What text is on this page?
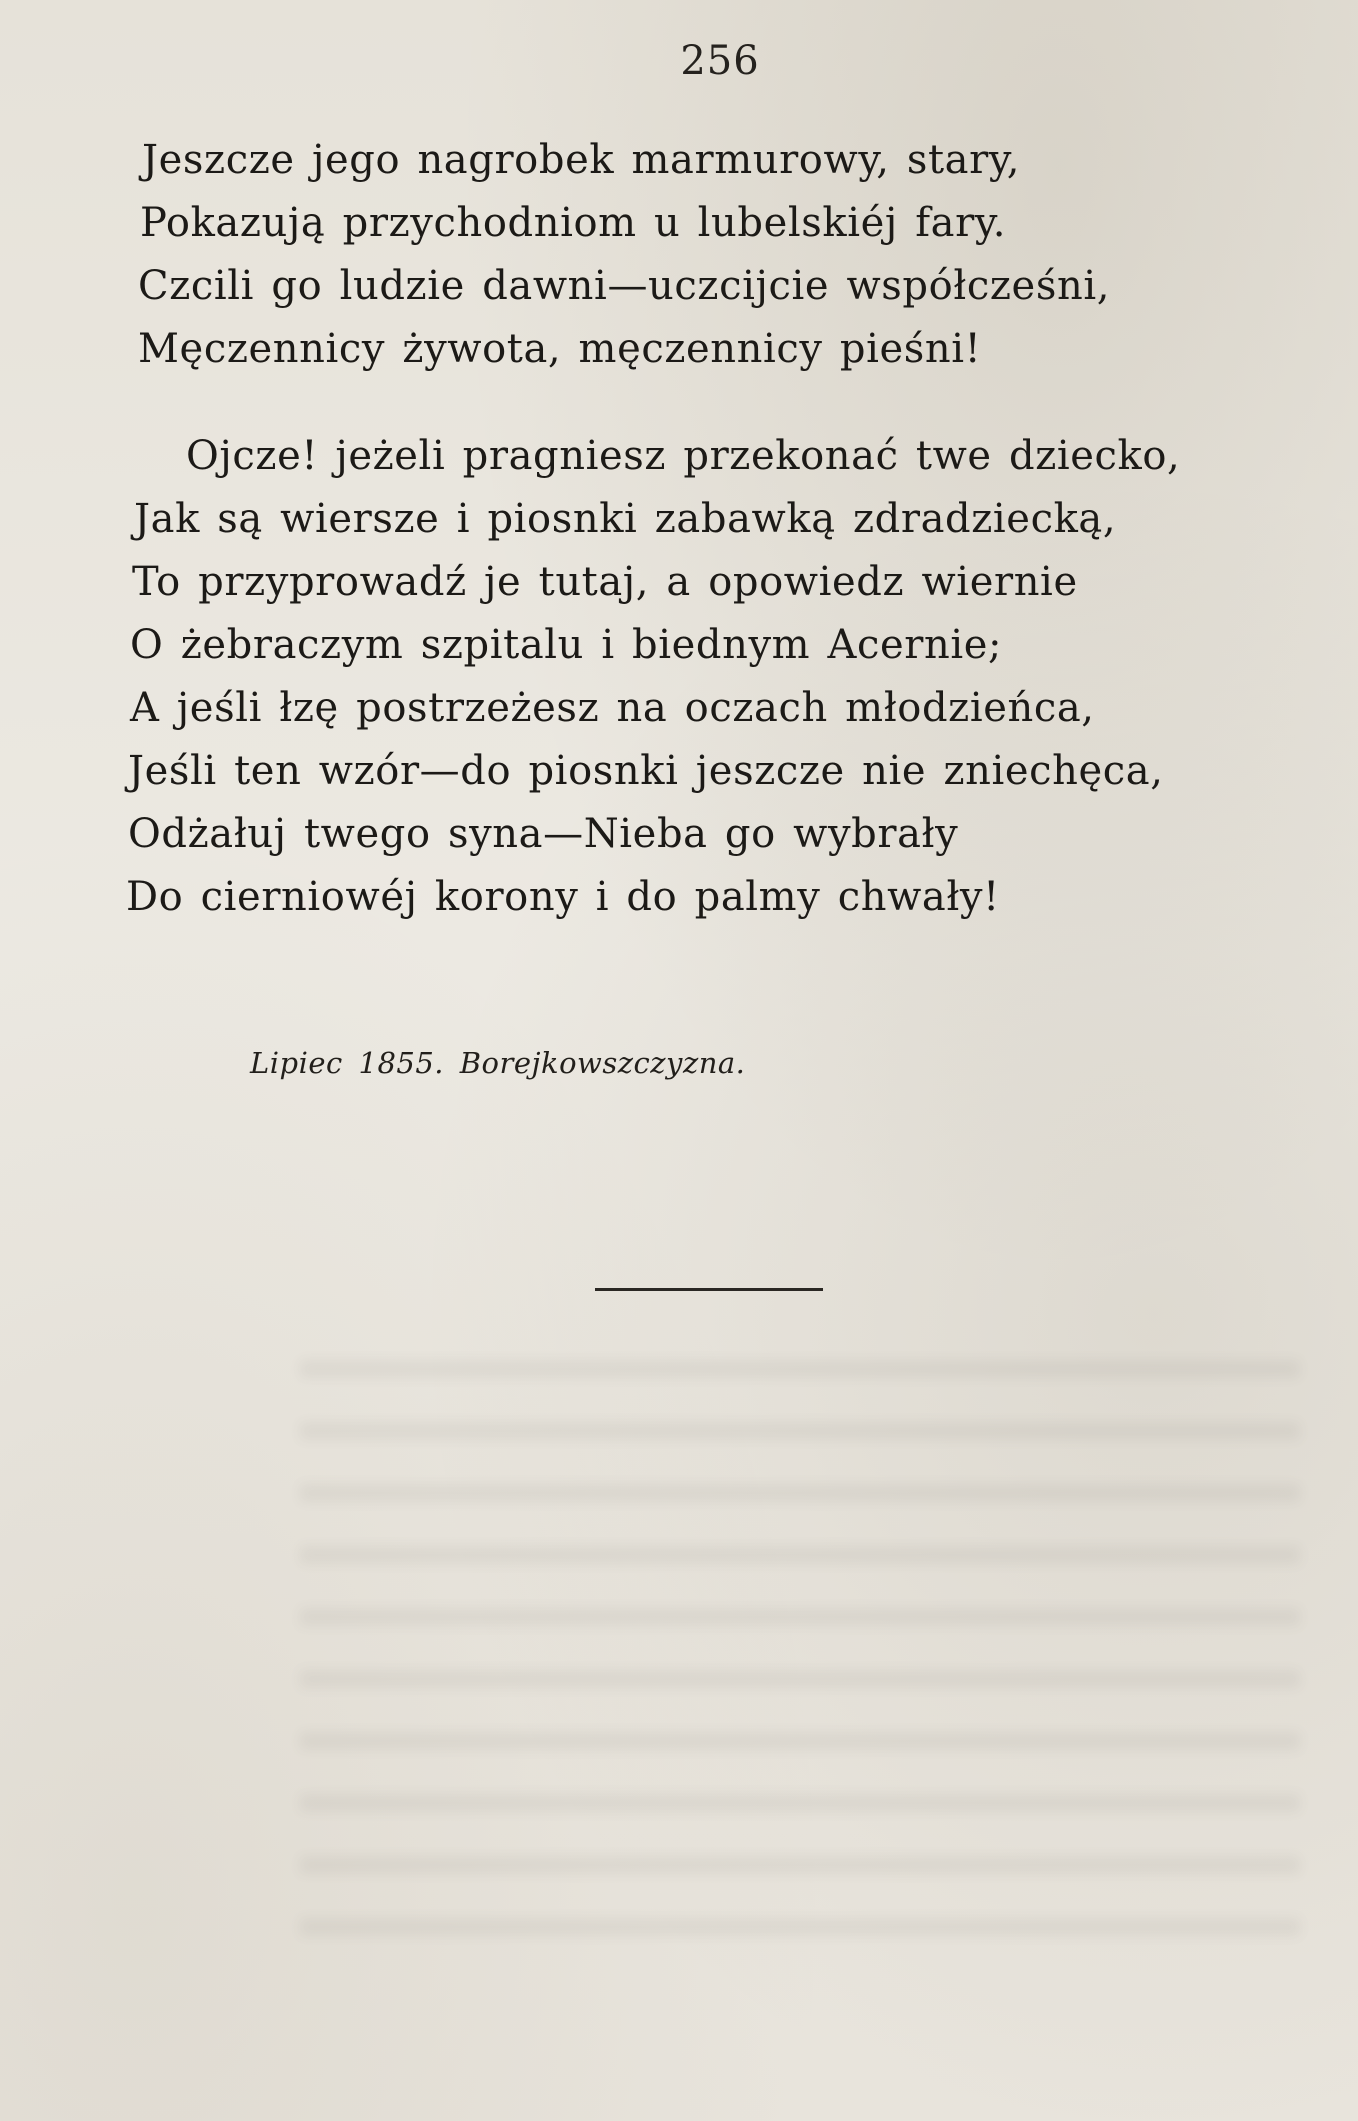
256
Jeszcze jego nagrobek marmurowy, stary,
Pokazują przychodniom u lubelskiéj fary.
Czcili go ludzie dawni—uczcijcie współcześni,
Męczennicy żywota, męczennicy pieśni!
Ojcze! jeżeli pragniesz przekonać twe dziecko,
Jak są wiersze i piosnki zabawką zdradziecką,
To przyprowadź je tutaj, a opowiedz wiernie
O żebraczym szpitalu i biednym Acernie;
A jeśli łzę postrzeżesz na oczach młodzieńca,
Jeśli ten wzór—do piosnki jeszcze nie zniechęca,
Odżałuj twego syna—Nieba go wybrały
Do cierniowéj korony i do palmy chwały!
Lipiec 1855. Borejkowszczyzna.
